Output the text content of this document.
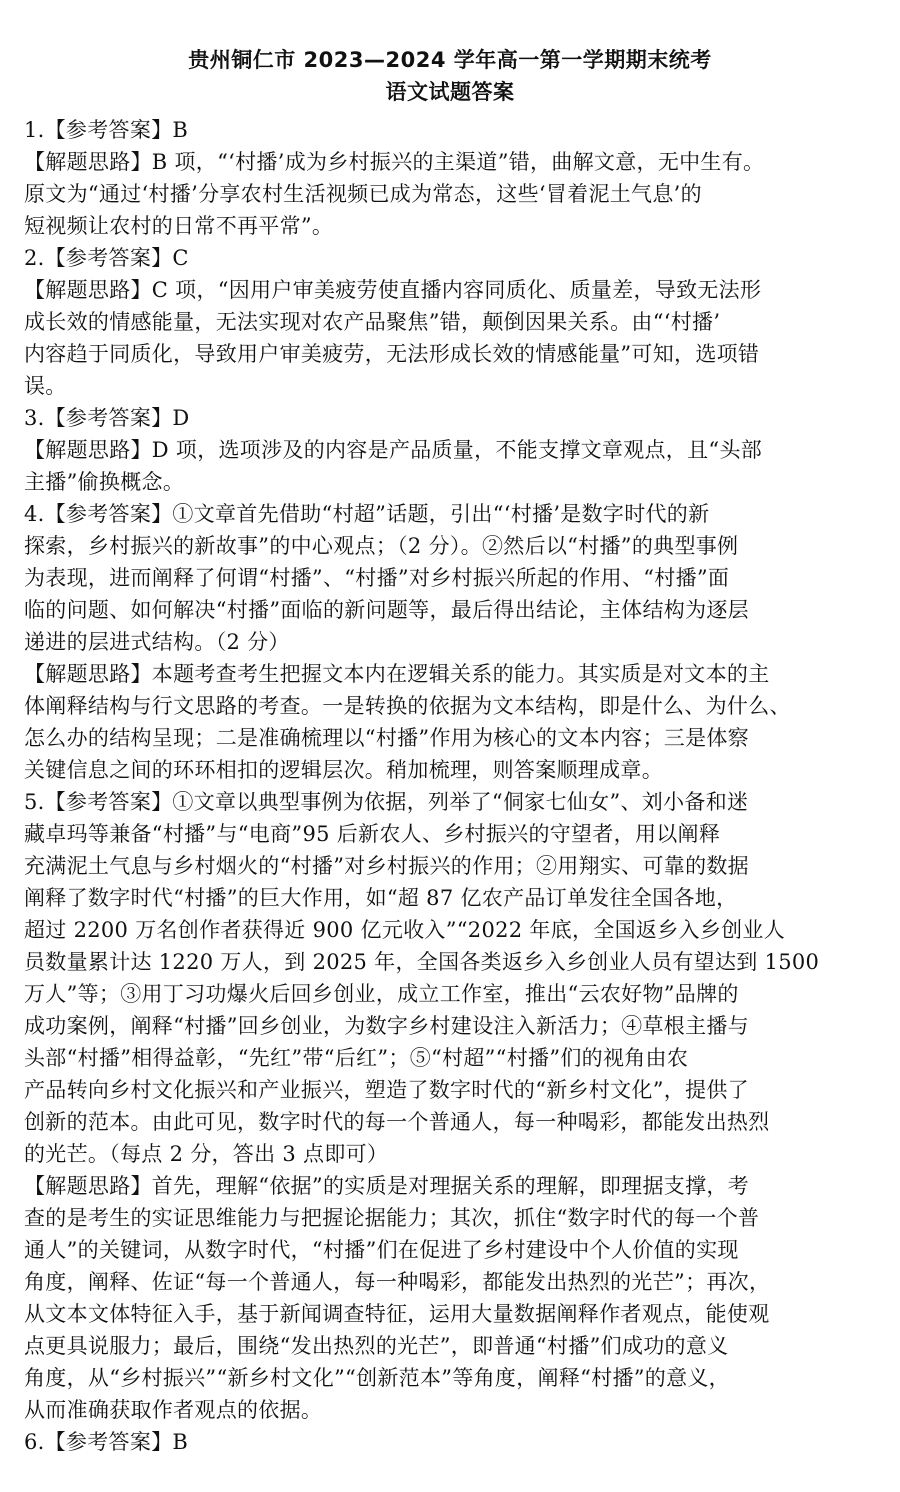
贵州铜仁市 2023—2024 学年高一第一学期期末统考
语文试题答案
1.【参考答案】B
【解题思路】B 项，“‘村播’成为乡村振兴的主渠道”错，曲解文意，无中生有。
原文为“通过‘村播’分享农村生活视频已成为常态，这些‘冒着泥土气息’的
短视频让农村的日常不再平常”。
2.【参考答案】C
【解题思路】C 项，“因用户审美疲劳使直播内容同质化、质量差，导致无法形
成长效的情感能量，无法实现对农产品聚焦”错，颠倒因果关系。由“‘村播’
内容趋于同质化，导致用户审美疲劳，无法形成长效的情感能量”可知，选项错
误。
3.【参考答案】D
【解题思路】D 项，选项涉及的内容是产品质量，不能支撑文章观点，且“头部
主播”偷换概念。
4.【参考答案】①文章首先借助“村超”话题，引出“‘村播’是数字时代的新
探索，乡村振兴的新故事”的中心观点；（2 分）。②然后以“村播”的典型事例
为表现，进而阐释了何谓“村播”、“村播”对乡村振兴所起的作用、“村播”面
临的问题、如何解决“村播”面临的新问题等，最后得出结论，主体结构为逐层
递进的层进式结构。（2 分）
【解题思路】本题考查考生把握文本内在逻辑关系的能力。其实质是对文本的主
体阐释结构与行文思路的考查。一是转换的依据为文本结构，即是什么、为什么、
怎么办的结构呈现；二是准确梳理以“村播”作用为核心的文本内容；三是体察
关键信息之间的环环相扣的逻辑层次。稍加梳理，则答案顺理成章。
5.【参考答案】①文章以典型事例为依据，列举了“侗家七仙女”、刘小备和迷
藏卓玛等兼备“村播”与“电商”95 后新农人、乡村振兴的守望者，用以阐释
充满泥土气息与乡村烟火的“村播”对乡村振兴的作用；②用翔实、可靠的数据
阐释了数字时代“村播”的巨大作用，如“超 87 亿农产品订单发往全国各地，
超过 2200 万名创作者获得近 900 亿元收入”“2022 年底，全国返乡入乡创业人
员数量累计达 1220 万人，到 2025 年，全国各类返乡入乡创业人员有望达到 1500
万人”等；③用丁习功爆火后回乡创业，成立工作室，推出“云农好物”品牌的
成功案例，阐释“村播”回乡创业，为数字乡村建设注入新活力；④草根主播与
头部“村播”相得益彰，“先红”带“后红”；⑤“村超”“村播”们的视角由农
产品转向乡村文化振兴和产业振兴，塑造了数字时代的“新乡村文化”，提供了
创新的范本。由此可见，数字时代的每一个普通人，每一种喝彩，都能发出热烈
的光芒。（每点 2 分，答出 3 点即可）
【解题思路】首先，理解“依据”的实质是对理据关系的理解，即理据支撑，考
查的是考生的实证思维能力与把握论据能力；其次，抓住“数字时代的每一个普
通人”的关键词，从数字时代，“村播”们在促进了乡村建设中个人价值的实现
角度，阐释、佐证“每一个普通人，每一种喝彩，都能发出热烈的光芒”；再次，
从文本文体特征入手，基于新闻调查特征，运用大量数据阐释作者观点，能使观
点更具说服力；最后，围绕“发出热烈的光芒”，即普通“村播”们成功的意义
角度，从“乡村振兴”“新乡村文化”“创新范本”等角度，阐释“村播”的意义，
从而准确获取作者观点的依据。
6.【参考答案】B
